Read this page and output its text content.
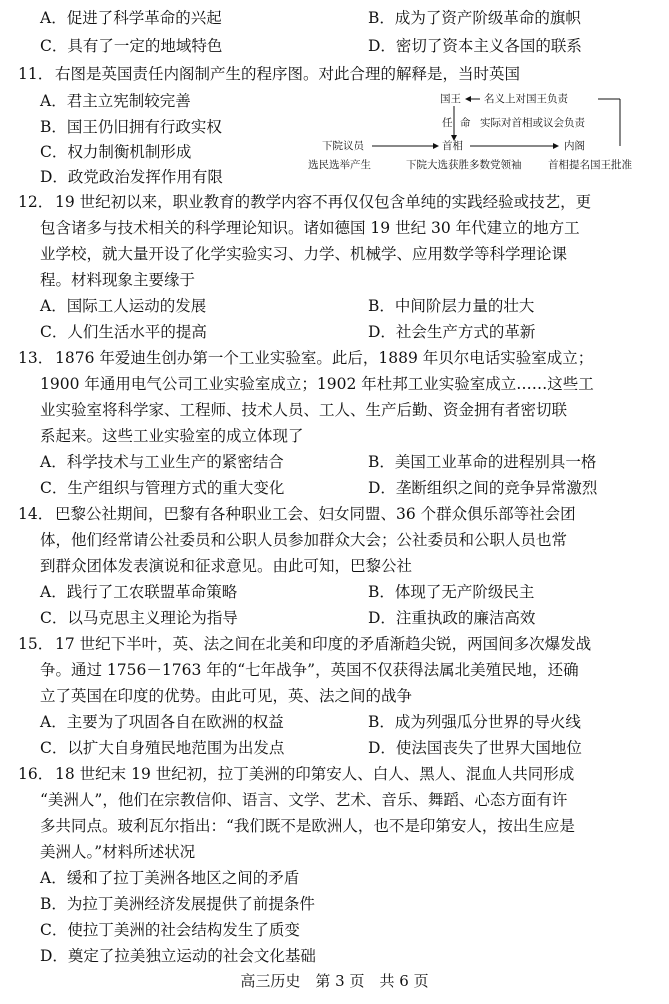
A．促进了科学革命的兴起	B．成为了资产阶级革命的旗帜
C．具有了一定的地域特色	D．密切了资本主义各国的联系
11． 右图是英国责任内阁制产生的程序图。对此合理的解释是，当时英国
A．君主立宪制较完善
B．国王仍旧拥有行政实权
C．权力制衡机制形成
D．政党政治发挥作用有限
国王 名义上对国王负责
任 命 实际对首相或议会负责
下院议员	首相	内阁
选民选举产生	下院大选获胜多数党领袖	首相提名国王批准
12． 19 世纪初以来，职业教育的教学内容不再仅仅包含单纯的实践经验或技艺，更
包含诸多与技术相关的科学理论知识。诸如德国 19 世纪 30 年代建立的地方工
业学校，就大量开设了化学实验实习、力学、机械学、应用数学等科学理论课
程。材料现象主要缘于
A．国际工人运动的发展	B．中间阶层力量的壮大
C．人们生活水平的提高	D．社会生产方式的革新
13． 1876 年爱迪生创办第一个工业实验室。此后，1889 年贝尔电话实验室成立；
1900 年通用电气公司工业实验室成立；1902 年杜邦工业实验室成立……这些工
业实验室将科学家、工程师、技术人员、工人、生产后勤、资金拥有者密切联
系起来。这些工业实验室的成立体现了
A．科学技术与工业生产的紧密结合	B．美国工业革命的进程别具一格
C．生产组织与管理方式的重大变化	D．垄断组织之间的竞争异常激烈
14． 巴黎公社期间，巴黎有各种职业工会、妇女同盟、36 个群众俱乐部等社会团
体，他们经常请公社委员和公职人员参加群众大会；公社委员和公职人员也常
到群众团体发表演说和征求意见。由此可知，巴黎公社
A．践行了工农联盟革命策略	B．体现了无产阶级民主
C．以马克思主义理论为指导	D．注重执政的廉洁高效
15． 17 世纪下半叶，英、法之间在北美和印度的矛盾渐趋尖锐，两国间多次爆发战
争。通过 1756－1763 年的“七年战争”，英国不仅获得法属北美殖民地，还确
立了英国在印度的优势。由此可见，英、法之间的战争
A．主要为了巩固各自在欧洲的权益	B．成为列强瓜分世界的导火线
C．以扩大自身殖民地范围为出发点	D．使法国丧失了世界大国地位
16． 18 世纪末 19 世纪初，拉丁美洲的印第安人、白人、黑人、混血人共同形成
“美洲人”，他们在宗教信仰、语言、文学、艺术、音乐、舞蹈、心态方面有许
多共同点。玻利瓦尔指出：“我们既不是欧洲人，也不是印第安人，按出生应是
美洲人。”材料所述状况
A．缓和了拉丁美洲各地区之间的矛盾
B．为拉丁美洲经济发展提供了前提条件
C．使拉丁美洲的社会结构发生了质变
D．奠定了拉美独立运动的社会文化基础
高三历史　第 3 页　共 6 页
